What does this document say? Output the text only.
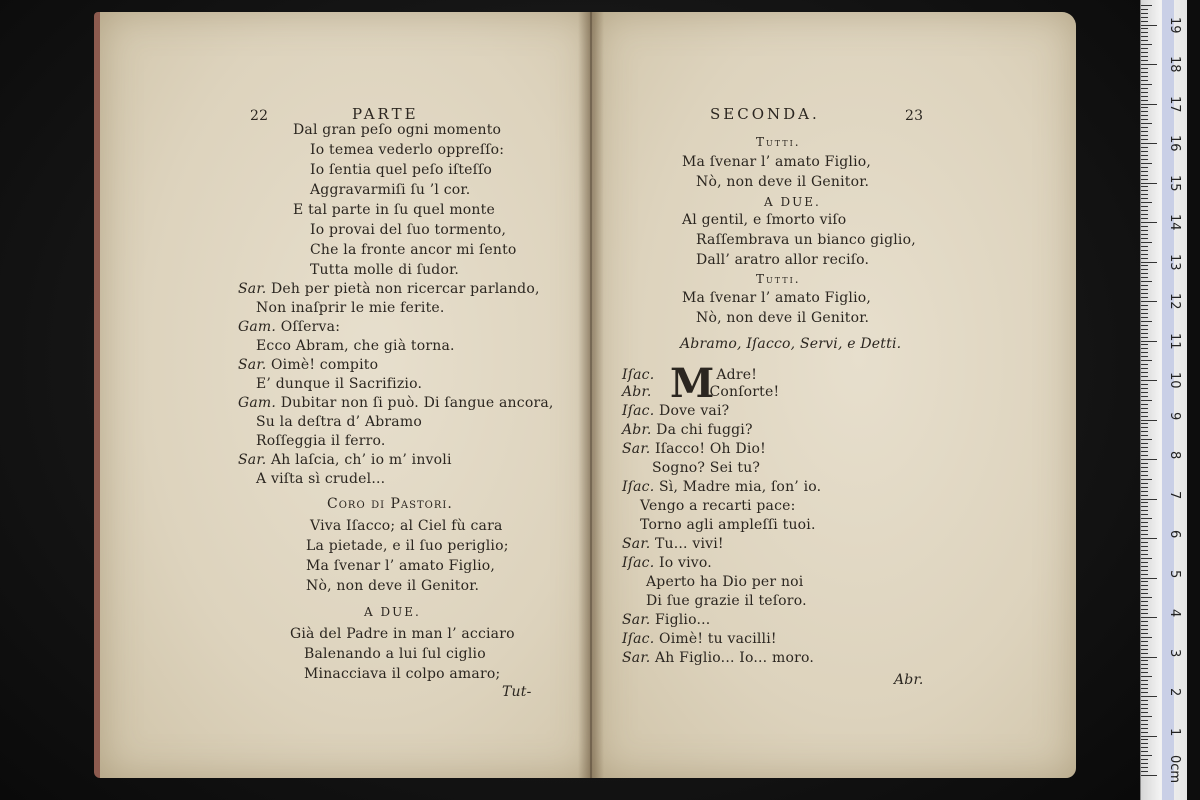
22	PARTE
Dal gran peſo ogni momento
Io temea vederlo oppreſſo:
Io ſentia quel peſo iſteſſo
Aggravarmiſi ſu ’l cor.
E tal parte in ſu quel monte
Io provai del ſuo tormento,
Che la fronte ancor mi ſento
Tutta molle di ſudor.
Sar. Deh per pietà non ricercar parlando,
Non inaſprir le mie ferite.
Gam. Oſſerva:
Ecco Abram, che già torna.
Sar. Oimè! compito
E’ dunque il Sacrifizio.
Gam. Dubitar non ſi può. Di ſangue ancora,
Su la deſtra d’ Abramo
Roſſeggia il ferro.
Sar. Ah laſcia, ch’ io m’ involi
A viſta sì crudel...
Coro di Pastori.
Viva Iſacco; al Ciel fù cara
La pietade, e il ſuo periglio;
Ma ſvenar l’ amato Figlio,
Nò, non deve il Genitor.
A DUE.
Già del Padre in man l’ acciaro
Balenando a lui ſul ciglio
Minacciava il colpo amaro;
Tut-
SECONDA.	23
Tutti.
Ma ſvenar l’ amato Figlio,
Nò, non deve il Genitor.
A DUE.
Al gentil, e ſmorto viſo
Raſſembrava un bianco giglio,
Dall’ aratro allor reciſo.
Tutti.
Ma ſvenar l’ amato Figlio,
Nò, non deve il Genitor.
Abramo, Iſacco, Servi, e Detti.
M
Iſac.	Adre!
Abr.	Conſorte!
Iſac. Dove vai?
Abr. Da chi fuggi?
Sar. Iſacco! Oh Dio!
Sogno? Sei tu?
Iſac. Sì, Madre mia, ſon’ io.
Vengo a recarti pace:
Torno agli ampleſſi tuoi.
Sar. Tu... vivi!
Iſac. Io vivo.
Aperto ha Dio per noi
Di ſue grazie il teſoro.
Sar. Figlio...
Iſac. Oimè! tu vacilli!
Sar. Ah Figlio... Io... moro.
Abr.
0cm
1
2
3
4
5
6
7
8
9
10
11
12
13
14
15
16
17
18
19
